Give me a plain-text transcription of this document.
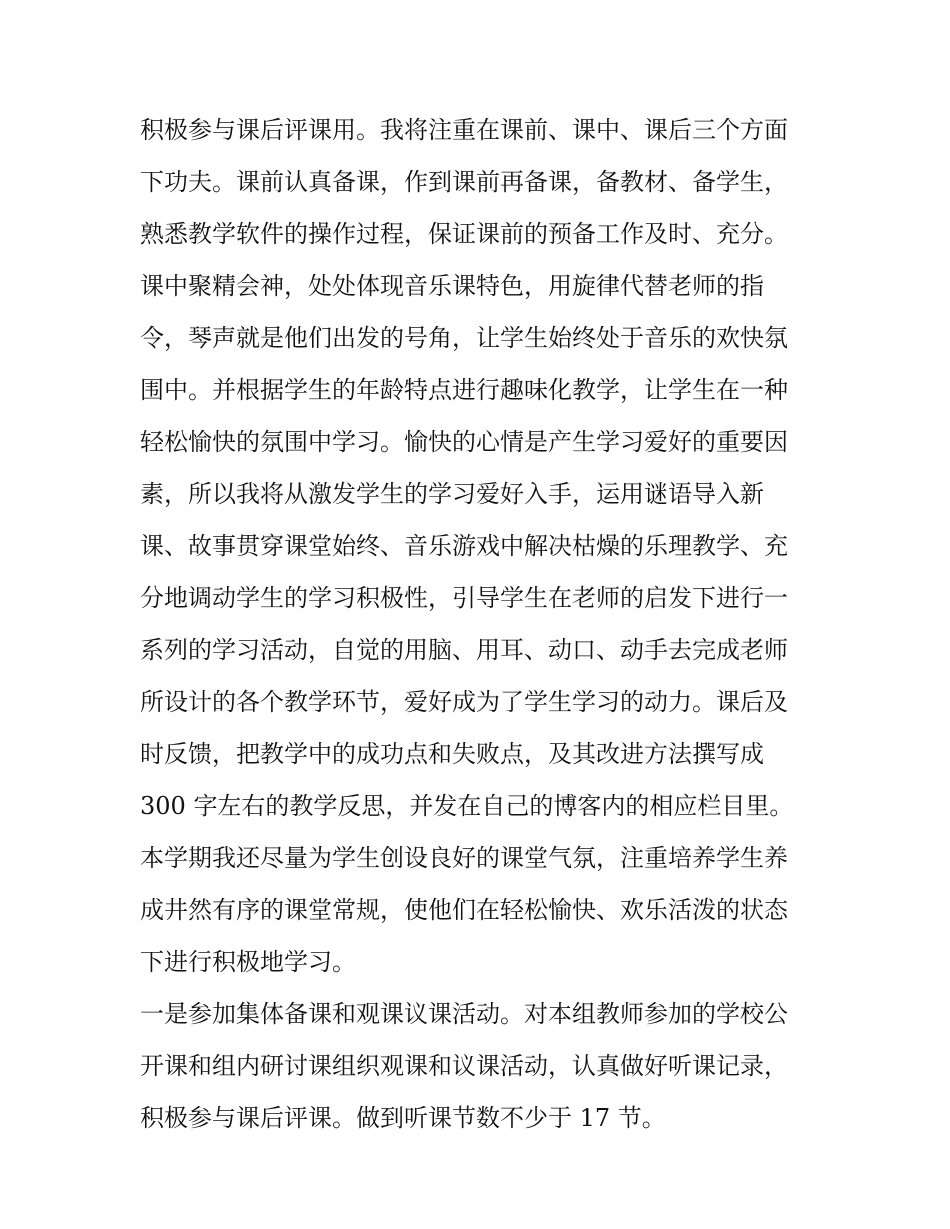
积极参与课后评课用。我将注重在课前、课中、课后三个方面
下功夫。课前认真备课，作到课前再备课，备教材、备学生，
熟悉教学软件的操作过程，保证课前的预备工作及时、充分。
课中聚精会神，处处体现音乐课特色，用旋律代替老师的指
令，琴声就是他们出发的号角，让学生始终处于音乐的欢快氛
围中。并根据学生的年龄特点进行趣味化教学，让学生在一种
轻松愉快的氛围中学习。愉快的心情是产生学习爱好的重要因
素，所以我将从激发学生的学习爱好入手，运用谜语导入新
课、故事贯穿课堂始终、音乐游戏中解决枯燥的乐理教学、充
分地调动学生的学习积极性，引导学生在老师的启发下进行一
系列的学习活动，自觉的用脑、用耳、动口、动手去完成老师
所设计的各个教学环节，爱好成为了学生学习的动力。课后及
时反馈，把教学中的成功点和失败点，及其改进方法撰写成
300 字左右的教学反思，并发在自己的博客内的相应栏目里。
本学期我还尽量为学生创设良好的课堂气氛，注重培养学生养
成井然有序的课堂常规，使他们在轻松愉快、欢乐活泼的状态
下进行积极地学习。
一是参加集体备课和观课议课活动。对本组教师参加的学校公
开课和组内研讨课组织观课和议课活动，认真做好听课记录，
积极参与课后评课。做到听课节数不少于 17 节。
